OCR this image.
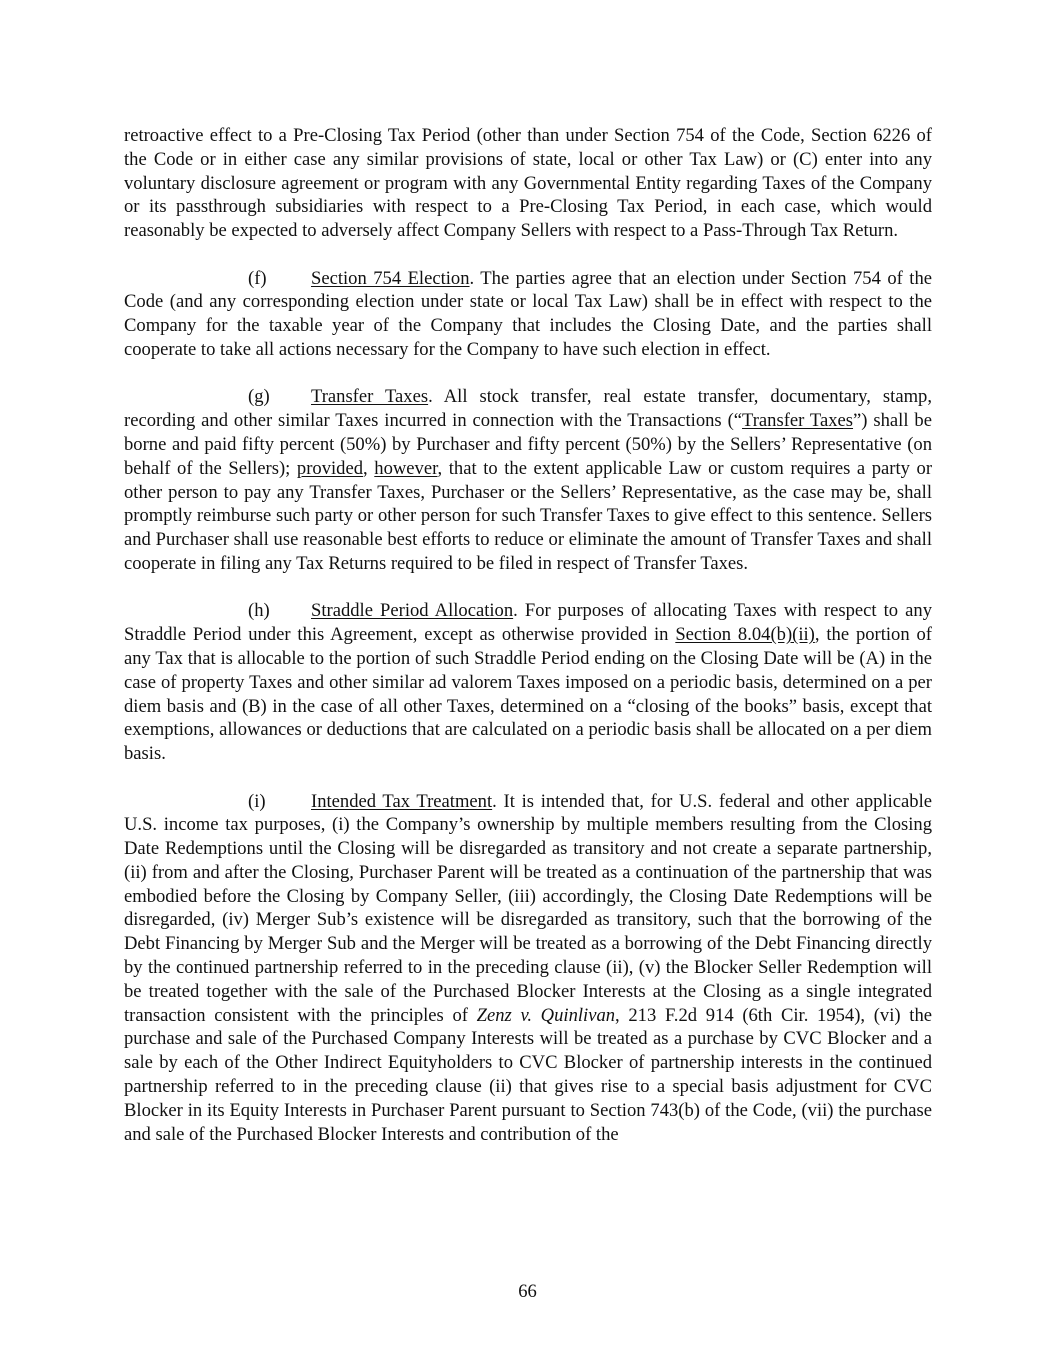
retroactive effect to a Pre-Closing Tax Period (other than under Section 754 of the Code, Section 6226 of the Code or in either case any similar provisions of state, local or other Tax Law) or (C) enter into any voluntary disclosure agreement or program with any Governmental Entity regarding Taxes of the Company or its passthrough subsidiaries with respect to a Pre-Closing Tax Period, in each case, which would reasonably be expected to adversely affect Company Sellers with respect to a Pass-Through Tax Return.

(f) Section 754 Election. The parties agree that an election under Section 754 of the Code (and any corresponding election under state or local Tax Law) shall be in effect with respect to the Company for the taxable year of the Company that includes the Closing Date, and the parties shall cooperate to take all actions necessary for the Company to have such election in effect.

(g) Transfer Taxes. All stock transfer, real estate transfer, documentary, stamp, recording and other similar Taxes incurred in connection with the Transactions (“Transfer Taxes”) shall be borne and paid fifty percent (50%) by Purchaser and fifty percent (50%) by the Sellers’ Representative (on behalf of the Sellers); provided, however, that to the extent applicable Law or custom requires a party or other person to pay any Transfer Taxes, Purchaser or the Sellers’ Representative, as the case may be, shall promptly reimburse such party or other person for such Transfer Taxes to give effect to this sentence. Sellers and Purchaser shall use reasonable best efforts to reduce or eliminate the amount of Transfer Taxes and shall cooperate in filing any Tax Returns required to be filed in respect of Transfer Taxes.

(h) Straddle Period Allocation. For purposes of allocating Taxes with respect to any Straddle Period under this Agreement, except as otherwise provided in Section 8.04(b)(ii), the portion of any Tax that is allocable to the portion of such Straddle Period ending on the Closing Date will be (A) in the case of property Taxes and other similar ad valorem Taxes imposed on a periodic basis, determined on a per diem basis and (B) in the case of all other Taxes, determined on a “closing of the books” basis, except that exemptions, allowances or deductions that are calculated on a periodic basis shall be allocated on a per diem basis.

(i) Intended Tax Treatment. It is intended that, for U.S. federal and other applicable U.S. income tax purposes, (i) the Company’s ownership by multiple members resulting from the Closing Date Redemptions until the Closing will be disregarded as transitory and not create a separate partnership, (ii) from and after the Closing, Purchaser Parent will be treated as a continuation of the partnership that was embodied before the Closing by Company Seller, (iii) accordingly, the Closing Date Redemptions will be disregarded, (iv) Merger Sub’s existence will be disregarded as transitory, such that the borrowing of the Debt Financing by Merger Sub and the Merger will be treated as a borrowing of the Debt Financing directly by the continued partnership referred to in the preceding clause (ii), (v) the Blocker Seller Redemption will be treated together with the sale of the Purchased Blocker Interests at the Closing as a single integrated transaction consistent with the principles of Zenz v. Quinlivan, 213 F.2d 914 (6th Cir. 1954), (vi) the purchase and sale of the Purchased Company Interests will be treated as a purchase by CVC Blocker and a sale by each of the Other Indirect Equityholders to CVC Blocker of partnership interests in the continued partnership referred to in the preceding clause (ii) that gives rise to a special basis adjustment for CVC Blocker in its Equity Interests in Purchaser Parent pursuant to Section 743(b) of the Code, (vii) the purchase and sale of the Purchased Blocker Interests and contribution of the

66
